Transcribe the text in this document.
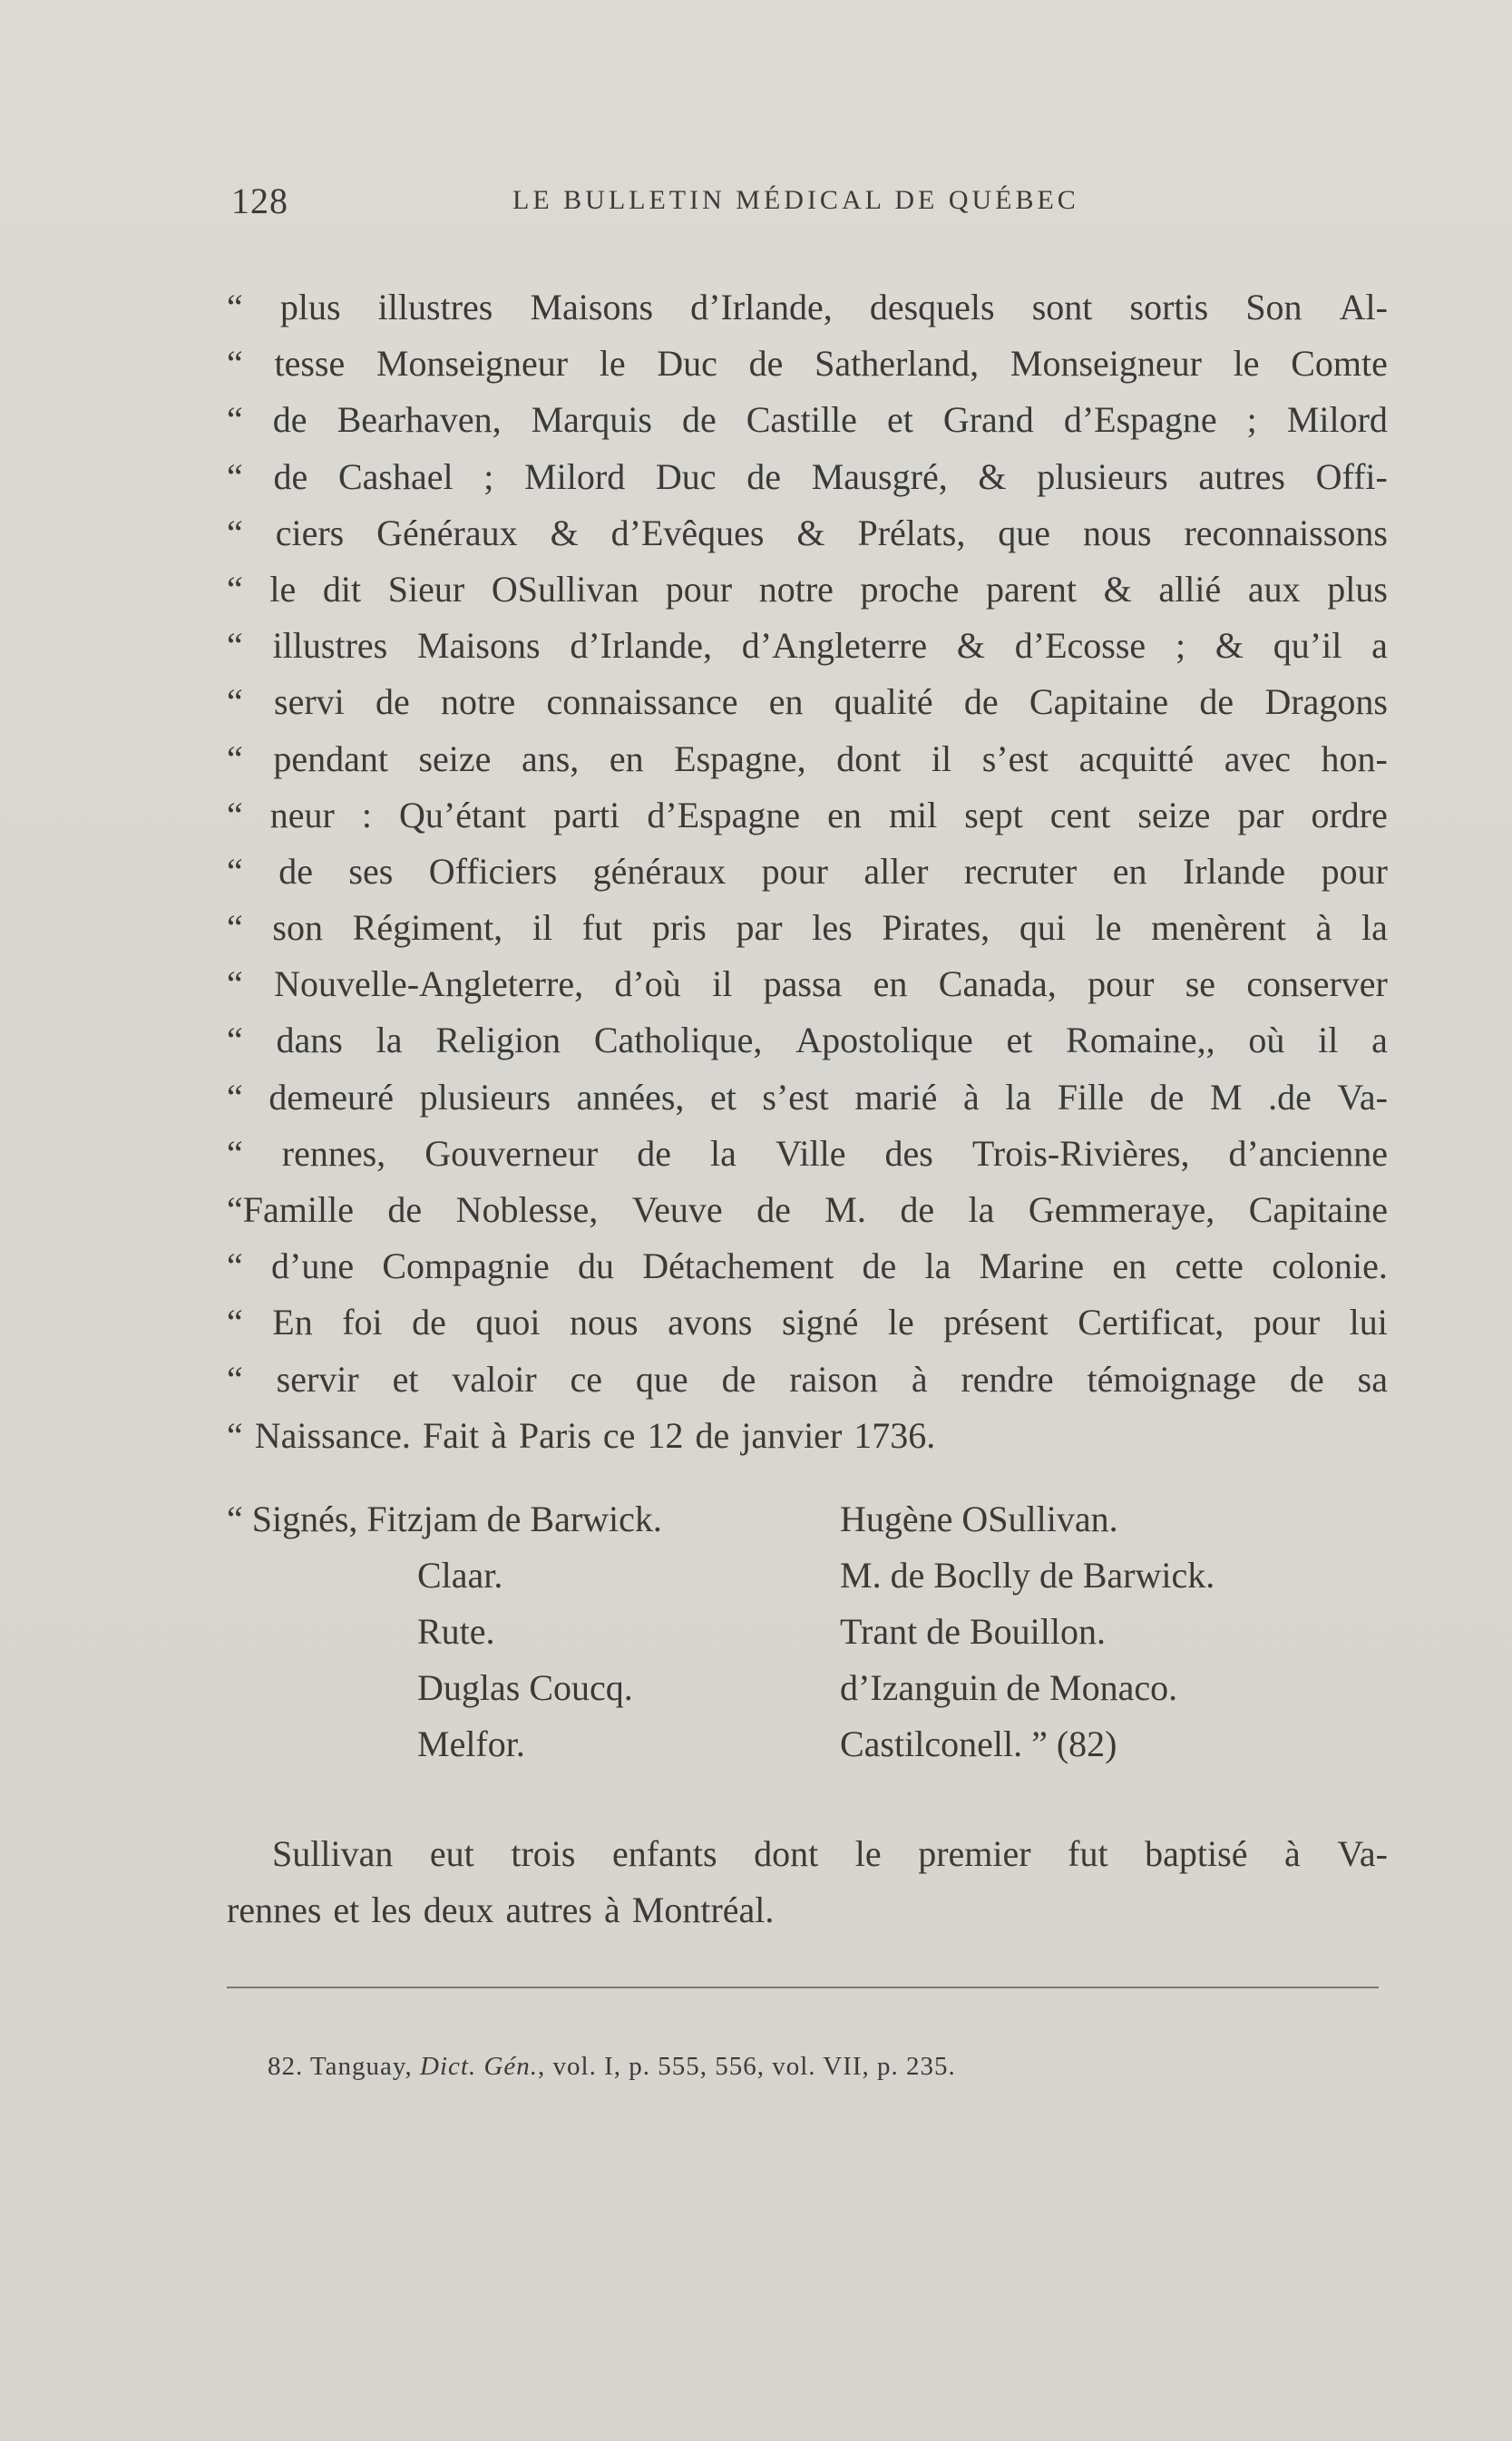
128	LE BULLETIN MÉDICAL DE QUÉBEC
“ plus illustres Maisons d’Irlande, desquels sont sortis Son Al-
“ tesse Monseigneur le Duc de Satherland, Monseigneur le Comte
“ de Bearhaven, Marquis de Castille et Grand d’Espagne ; Milord
“ de Cashael ; Milord Duc de Mausgré, & plusieurs autres Offi-
“ ciers Généraux & d’Evêques & Prélats, que nous reconnaissons
“ le dit Sieur OSullivan pour notre proche parent & allié aux plus
“ illustres Maisons d’Irlande, d’Angleterre & d’Ecosse ; & qu’il a
“ servi de notre connaissance en qualité de Capitaine de Dragons
“ pendant seize ans, en Espagne, dont il s’est acquitté avec hon-
“ neur : Qu’étant parti d’Espagne en mil sept cent seize par ordre
“ de ses Officiers généraux pour aller recruter en Irlande pour
“ son Régiment, il fut pris par les Pirates, qui le menèrent à la
“ Nouvelle-Angleterre, d’où il passa en Canada, pour se conserver
“ dans la Religion Catholique, Apostolique et Romaine,, où il a
“ demeuré plusieurs années, et s’est marié à la Fille de M .de Va-
“ rennes, Gouverneur de la Ville des Trois-Rivières, d’ancienne
“Famille de Noblesse, Veuve de M. de la Gemmeraye, Capitaine
“ d’une Compagnie du Détachement de la Marine en cette colonie.
“ En foi de quoi nous avons signé le présent Certificat, pour lui
“ servir et valoir ce que de raison à rendre témoignage de sa
“ Naissance. Fait à Paris ce 12 de janvier 1736.
“ Signés, Fitzjam de Barwick.	Hugène OSullivan.
Claar.	M. de Boclly de Barwick.
Rute.	Trant de Bouillon.
Duglas Coucq.	d’Izanguin de Monaco.
Melfor.	Castilconell. ” (82)
Sullivan eut trois enfants dont le premier fut baptisé à Va-
rennes et les deux autres à Montréal.
82. Tanguay, Dict. Gén., vol. I, p. 555, 556, vol. VII, p. 235.
